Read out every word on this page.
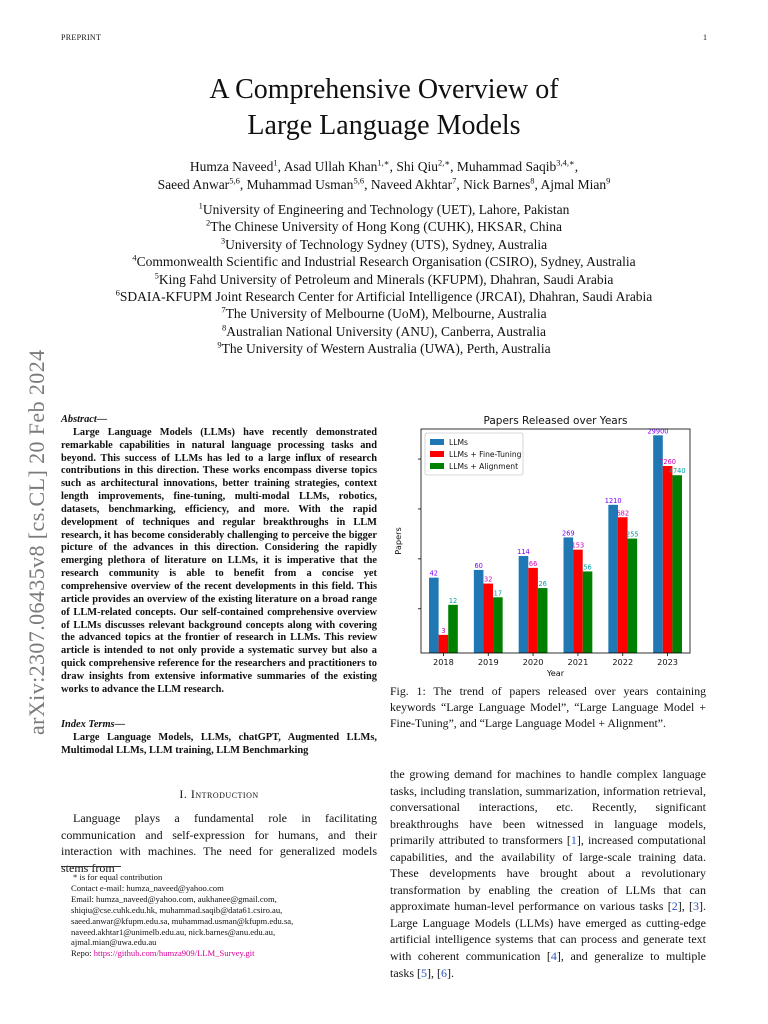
PREPRINT	1
arXiv:2307.06435v8 [cs.CL] 20 Feb 2024
A Comprehensive Overview of
Large Language Models
Humza Naveed$^1$, Asad Ullah Khan$^{1,∗}$, Shi Qiu$^{2,∗}$, Muhammad Saqib$^{3,4,∗}$,
Saeed Anwar$^{5,6}$, Muhammad Usman$^{5,6}$, Naveed Akhtar$^7$, Nick Barnes$^8$, Ajmal Mian$^9$
$^1$University of Engineering and Technology (UET), Lahore, Pakistan
$^2$The Chinese University of Hong Kong (CUHK), HKSAR, China
$^3$University of Technology Sydney (UTS), Sydney, Australia
$^4$Commonwealth Scientific and Industrial Research Organisation (CSIRO), Sydney, Australia
$^5$King Fahd University of Petroleum and Minerals (KFUPM), Dhahran, Saudi Arabia
$^6$SDAIA-KFUPM Joint Research Center for Artificial Intelligence (JRCAI), Dhahran, Saudi Arabia
$^7$The University of Melbourne (UoM), Melbourne, Australia
$^8$Australian National University (ANU), Canberra, Australia
$^9$The University of Western Australia (UWA), Perth, Australia
Abstract—

Large Language Models (LLMs) have recently demonstrated remarkable capabilities in natural language processing tasks and beyond. This success of LLMs has led to a large influx of research contributions in this direction. These works encompass diverse topics such as architectural innovations, better training strategies, context length improvements, fine-tuning, multi-modal LLMs, robotics, datasets, benchmarking, efficiency, and more. With the rapid development of techniques and regular breakthroughs in LLM research, it has become considerably challenging to perceive the bigger picture of the advances in this direction. Considering the rapidly emerging plethora of literature on LLMs, it is imperative that the research community is able to benefit from a concise yet comprehensive overview of the recent developments in this field. This article provides an overview of the existing literature on a broad range of LLM-related concepts. Our self-contained comprehensive overview of LLMs discusses relevant background concepts along with covering the advanced topics at the frontier of research in LLMs. This review article is intended to not only provide a systematic survey but also a quick comprehensive reference for the researchers and practitioners to draw insights from extensive informative summaries of the existing works to advance the LLM research.

Index Terms—

Large Language Models, LLMs, chatGPT, Augmented LLMs, Multimodal LLMs, LLM training, LLM Benchmarking

I. Introduction

Language plays a fundamental role in facilitating communication and self-expression for humans, and their interaction with machines. The need for generalized models stems from

* is for equal contribution
Contact e-mail: humza_naveed@yahoo.com
Email: humza_naveed@yahoo.com, aukhanee@gmail.com,
shiqiu@cse.cuhk.edu.hk, muhammad.saqib@data61.csiro.au,
saeed.anwar@kfupm.edu.sa, muhammad.usman@kfupm.edu.sa,
naveed.akhtar1@unimelb.edu.au, nick.barnes@anu.edu.au,
ajmal.mian@uwa.edu.au
Repo: https://github.com/humza909/LLM_Survey.git
Papers Released over Years
42
3
12
2018
60
32
17
2019
114
66
26
2020
269
153
56
2021
1210
682
255
2022
29900
7260
4740
2023
Year
Papers
LLMs
LLMs + Fine-Tuning
LLMs + Alignment
Fig. 1: The trend of papers released over years containing keywords “Large Language Model”, “Large Language Model + Fine-Tuning”, and “Large Language Model + Alignment”.
the growing demand for machines to handle complex language tasks, including translation, summarization, information retrieval, conversational interactions, etc. Recently, significant breakthroughs have been witnessed in language models, primarily attributed to transformers [1], increased computational capabilities, and the availability of large-scale training data. These developments have brought about a revolutionary transformation by enabling the creation of LLMs that can approximate human-level performance on various tasks [2], [3]. Large Language Models (LLMs) have emerged as cutting-edge artificial intelligence systems that can process and generate text with coherent communication [4], and generalize to multiple tasks [5], [6].
